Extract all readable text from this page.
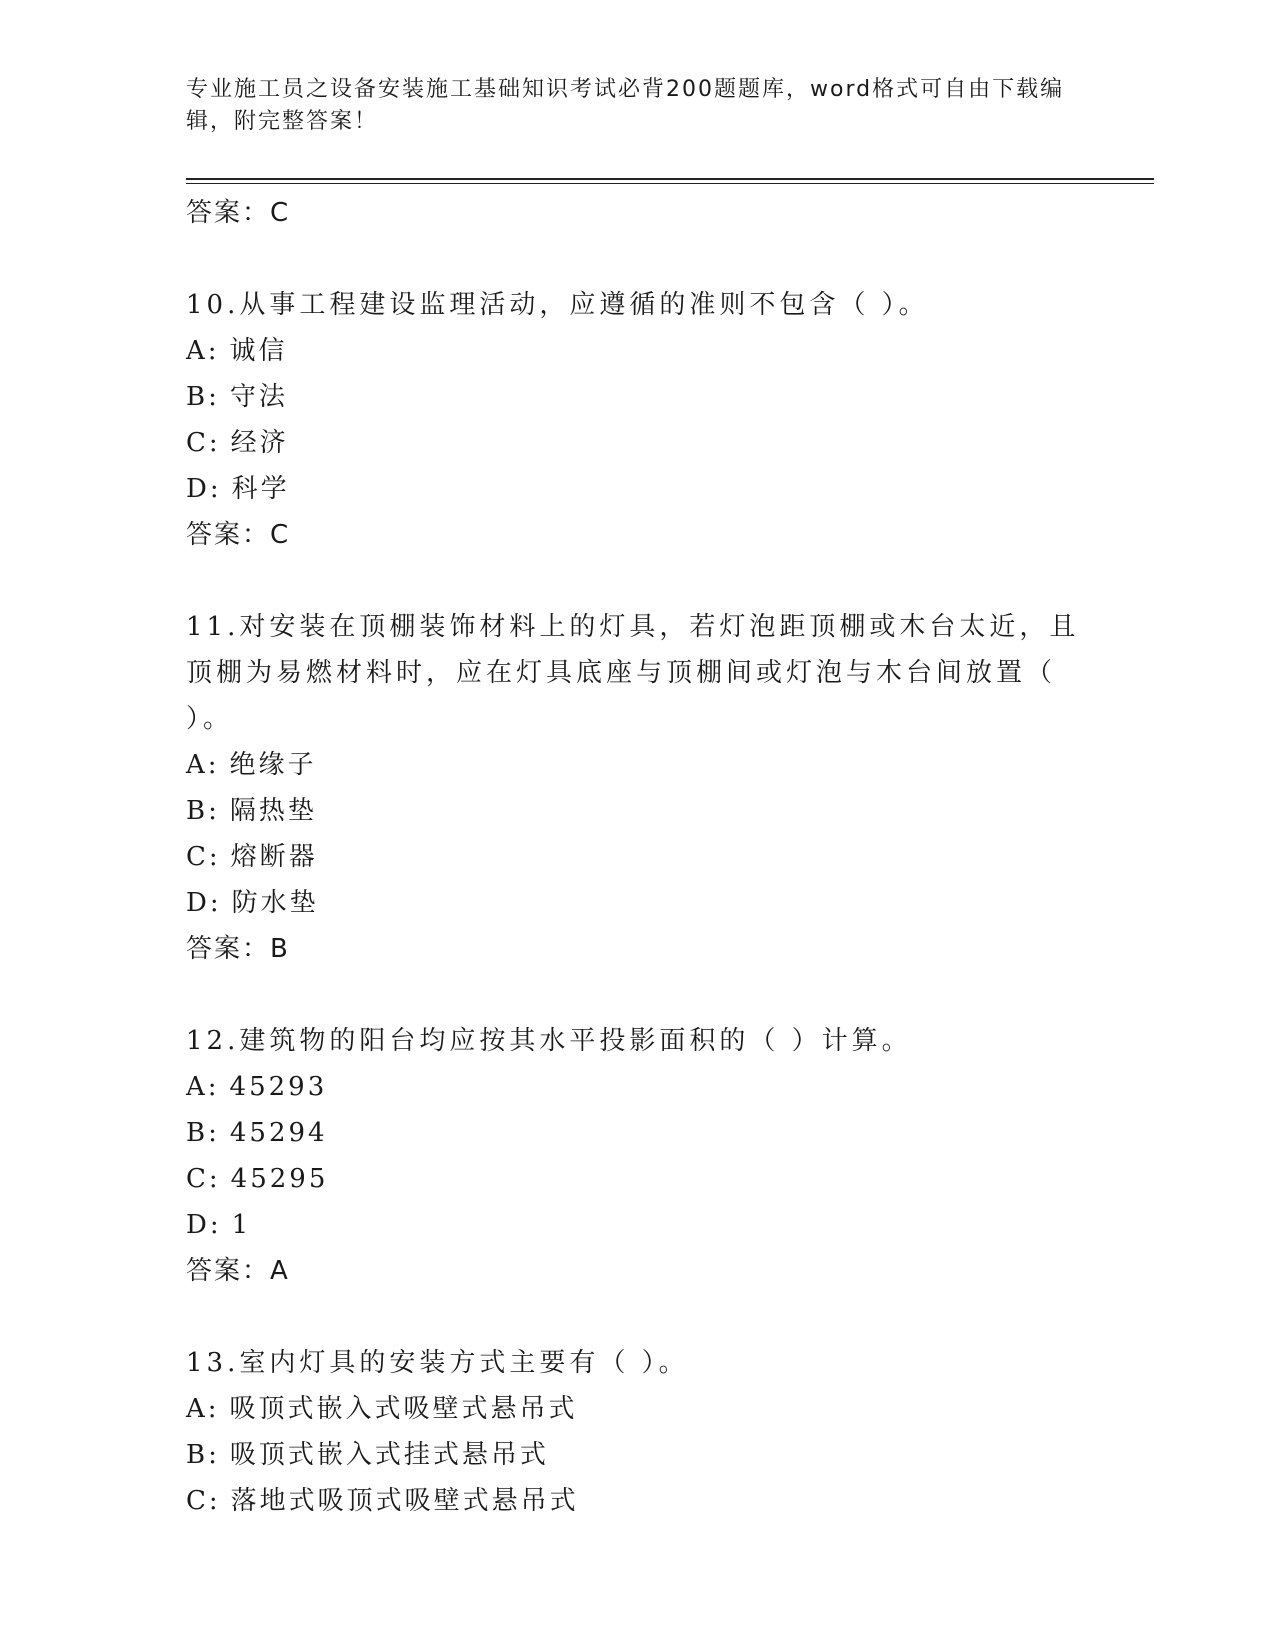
专业施工员之设备安装施工基础知识考试必背200题题库，word格式可自由下载编辑，附完整答案！
答案：C
10.从事工程建设监理活动，应遵循的准则不包含（ ）。
A: 诚信
B: 守法
C: 经济
D: 科学
答案：C
11.对安装在顶棚装饰材料上的灯具，若灯泡距顶棚或木台太近，且顶棚为易燃材料时，应在灯具底座与顶棚间或灯泡与木台间放置（ ）。
A: 绝缘子
B: 隔热垫
C: 熔断器
D: 防水垫
答案：B
12.建筑物的阳台均应按其水平投影面积的（ ）计算。
A: 45293
B: 45294
C: 45295
D: 1
答案：A
13.室内灯具的安装方式主要有（ ）。
A: 吸顶式嵌入式吸壁式悬吊式
B: 吸顶式嵌入式挂式悬吊式
C: 落地式吸顶式吸壁式悬吊式
